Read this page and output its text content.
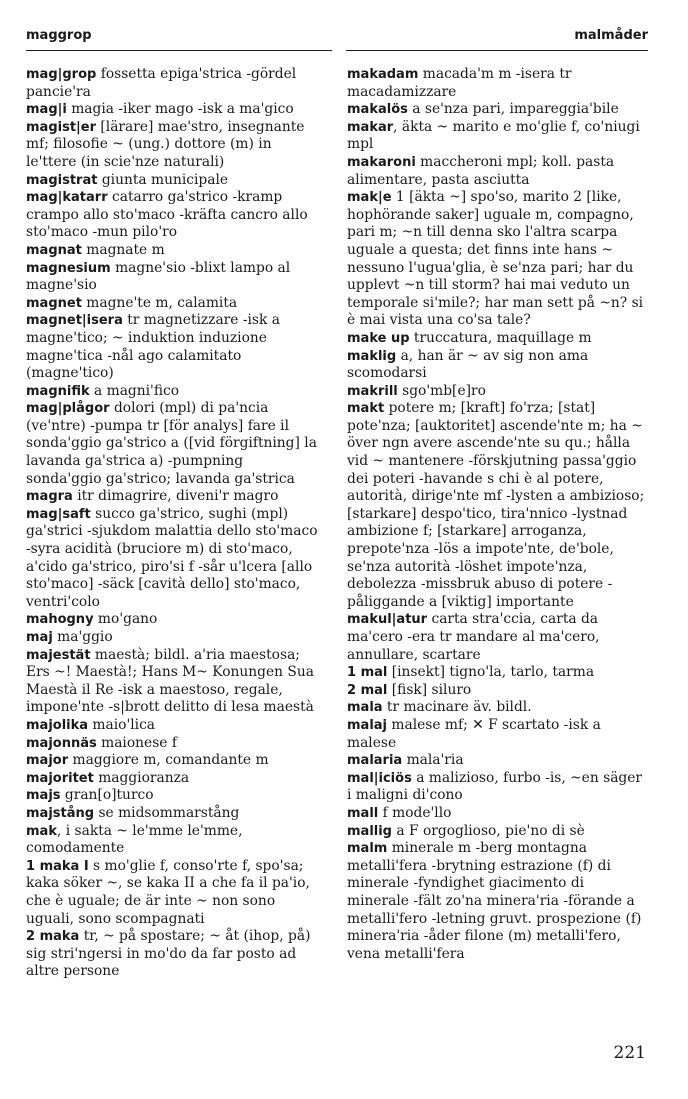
maggrop	malmåder
mag|grop fossetta epiga'strica -gördel pancie'ra
mag|i magia -iker mago -isk a ma'gico
magist|er [lärare] mae'stro, insegnante mf; filosofie ~ (ung.) dottore (m) in le'ttere (in scie'nze naturali)
magistrat giunta municipale
mag|katarr catarro ga'strico -kramp crampo allo sto'maco -kräfta cancro allo sto'maco -mun pilo'ro
magnat magnate m
magnesium magne'sio -blixt lampo al magne'sio
magnet magne'te m, calamita
magnet|isera tr magnetizzare -isk a magne'tico; ~ induktion induzione magne'tica -nål ago calamitato (magne'tico)
magnifik a magni'fico
mag|plågor dolori (mpl) di pa'ncia (ve'ntre) -pumpa tr [för analys] fare il sonda'ggio ga'strico a ([vid förgiftning] la lavanda ga'strica a) -pumpning sonda'ggio ga'strico; lavanda ga'strica
magra itr dimagrire, diveni'r magro
mag|saft succo ga'strico, sughi (mpl) ga'strici -sjukdom malattia dello sto'maco -syra acidità (bruciore m) di sto'maco, a'cido ga'strico, piro'si f -sår u'lcera [allo sto'maco] -säck [cavità dello] sto'maco, ventri'colo
mahogny mo'gano
maj ma'ggio
majestät maestà; bildl. a'ria maestosa; Ers ~! Maestà!; Hans M~ Konungen Sua Maestà il Re -isk a maestoso, regale, impone'nte -s|brott delitto di lesa maestà
majolika maio'lica
majonnäs maionese f
major maggiore m, comandante m
majoritet maggioranza
majs gran[o]turco
majstång se midsommarstång
mak, i sakta ~ le'mme le'mme, comodamente
1 maka I s mo'glie f, conso'rte f, spo'sa; kaka söker ~, se kaka II a che fa il pa'io, che è uguale; de är inte ~ non sono uguali, sono scompagnati
2 maka tr, ~ på spostare; ~ åt (ihop, på) sig stri'ngersi in mo'do da far posto ad altre persone
makadam macada'm m -isera tr macadamizzare
makalös a se'nza pari, impareggia'bile
makar, äkta ~ marito e mo'glie f, co'niugi mpl
makaroni maccheroni mpl; koll. pasta alimentare, pasta asciutta
mak|e 1 [äkta ~] spo'so, marito 2 [like, hophörande saker] uguale m, compagno, pari m; ~n till denna sko l'altra scarpa uguale a questa; det finns inte hans ~ nessuno l'ugua'glia, è se'nza pari; har du upplevt ~n till storm? hai mai veduto un temporale si'mile?; har man sett på ~n? si è mai vista una co'sa tale?
make up truccatura, maquillage m
maklig a, han är ~ av sig non ama scomodarsi
makrill sgo'mb[e]ro
makt potere m; [kraft] fo'rza; [stat] pote'nza; [auktoritet] ascende'nte m; ha ~ över ngn avere ascende'nte su qu.; hålla vid ~ mantenere -förskjutning passa'ggio dei poteri -havande s chi è al potere, autorità, dirige'nte mf -lysten a ambizioso; [starkare] despo'tico, tira'nnico -lystnad ambizione f; [starkare] arroganza, prepote'nza -lös a impote'nte, de'bole, se'nza autorità -löshet impote'nza, debolezza -missbruk abuso di potere -påliggande a [viktig] importante
makul|atur carta stra'ccia, carta da ma'cero -era tr mandare al ma'cero, annullare, scartare
1 mal [insekt] tigno'la, tarlo, tarma
2 mal [fisk] siluro
mala tr macinare äv. bildl.
malaj malese mf; ✕ F scartato -isk a malese
malaria mala'ria
mal|iciös a malizioso, furbo -is, ~en säger i maligni di'cono
mall f mode'llo
mallig a F orgoglioso, pie'no di sè
malm minerale m -berg montagna metalli'fera -brytning estrazione (f) di minerale -fyndighet giacimento di minerale -fält zo'na minera'ria -förande a metalli'fero -letning gruvt. prospezione (f) minera'ria -åder filone (m) metalli'fero, vena metalli'fera
221
